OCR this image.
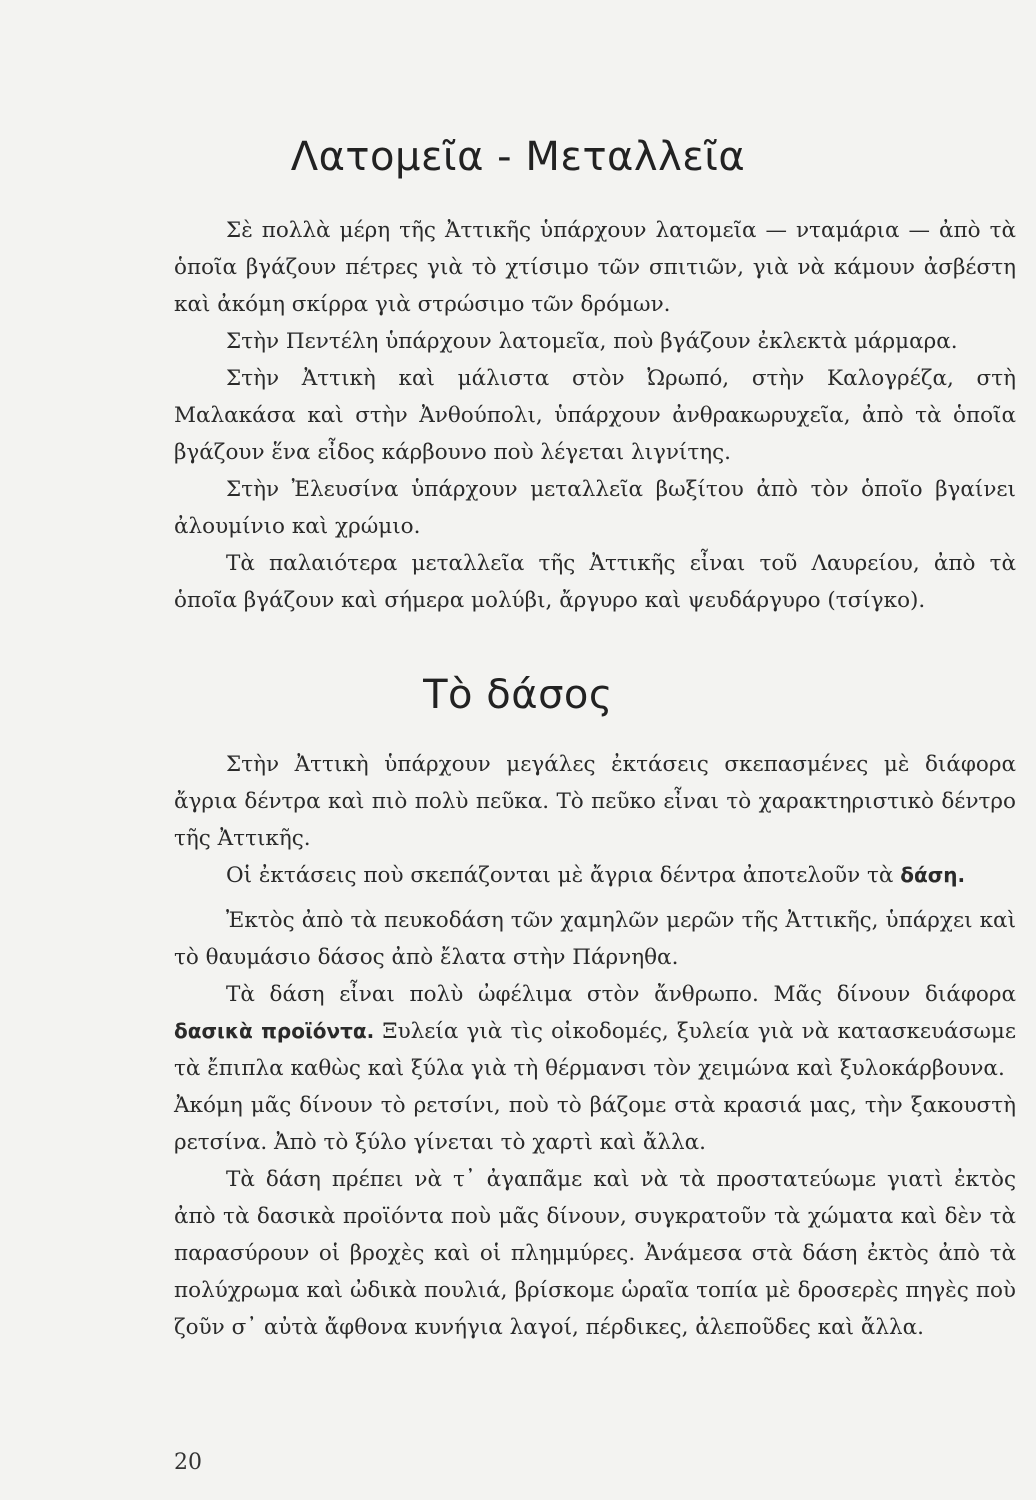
Λατομεῖα - Μεταλλεῖα

Σὲ πολλὰ μέρη τῆς Ἀττικῆς ὑπάρχουν λατομεῖα — νταμάρια — ἀπὸ τὰ ὁποῖα βγάζουν πέτρες γιὰ τὸ χτίσιμο τῶν σπιτιῶν, γιὰ νὰ κάμουν ἀσβέστη καὶ ἀκόμη σκίρρα γιὰ στρώσιμο τῶν δρόμων.

Στὴν Πεντέλη ὑπάρχουν λατομεῖα, ποὺ βγάζουν ἐκλεκτὰ μάρμαρα.

Στὴν Ἀττικὴ καὶ μάλιστα στὸν Ὠρωπό, στὴν Καλογρέζα, στὴ Μαλακάσα καὶ στὴν Ἀνθούπολι, ὑπάρχουν ἀνθρακωρυχεῖα, ἀπὸ τὰ ὁποῖα βγάζουν ἕνα εἶδος κάρβουνο ποὺ λέγεται λιγνίτης.

Στὴν Ἐλευσίνα ὑπάρχουν μεταλλεῖα βωξίτου ἀπὸ τὸν ὁποῖο βγαίνει ἀλουμίνιο καὶ χρώμιο.

Τὰ παλαιότερα μεταλλεῖα τῆς Ἀττικῆς εἶναι τοῦ Λαυρείου, ἀπὸ τὰ ὁποῖα βγάζουν καὶ σήμερα μολύβι, ἄργυρο καὶ ψευδάργυρο (τσίγκο).

Τὸ δάσος

Στὴν Ἀττικὴ ὑπάρχουν μεγάλες ἐκτάσεις σκεπασμένες μὲ διάφορα ἄγρια δέντρα καὶ πιὸ πολὺ πεῦκα. Τὸ πεῦκο εἶναι τὸ χαρακτηριστικὸ δέντρο τῆς Ἀττικῆς.

Οἱ ἐκτάσεις ποὺ σκεπάζονται μὲ ἄγρια δέντρα ἀποτελοῦν τὰ δάση.

Ἐκτὸς ἀπὸ τὰ πευκοδάση τῶν χαμηλῶν μερῶν τῆς Ἀττικῆς, ὑπάρχει καὶ τὸ θαυμάσιο δάσος ἀπὸ ἔλατα στὴν Πάρνηθα.

Τὰ δάση εἶναι πολὺ ὠφέλιμα στὸν ἄνθρωπο. Μᾶς δίνουν διάφορα δασικὰ προϊόντα. Ξυλεία γιὰ τὶς οἰκοδομές, ξυλεία γιὰ νὰ κατασκευάσωμε τὰ ἔπιπλα καθὼς καὶ ξύλα γιὰ τὴ θέρμανσι τὸν χειμώνα καὶ ξυλοκάρβουνα.

Ἀκόμη μᾶς δίνουν τὸ ρετσίνι, ποὺ τὸ βάζομε στὰ κρασιά μας, τὴν ξακουστὴ ρετσίνα. Ἀπὸ τὸ ξύλο γίνεται τὸ χαρτὶ καὶ ἄλλα.

Τὰ δάση πρέπει νὰ τ᾿ ἀγαπᾶμε καὶ νὰ τὰ προστατεύωμε γιατὶ ἐκτὸς ἀπὸ τὰ δασικὰ προϊόντα ποὺ μᾶς δίνουν, συγκρατοῦν τὰ χώματα καὶ δὲν τὰ παρασύρουν οἱ βροχὲς καὶ οἱ πλημμύρες. Ἀνάμεσα στὰ δάση ἐκτὸς ἀπὸ τὰ πολύχρωμα καὶ ὠδικὰ πουλιά, βρίσκομε ὡραῖα τοπία μὲ δροσερὲς πηγὲς ποὺ ζοῦν σ᾿ αὐτὰ ἄφθονα κυνήγια λαγοί, πέρδικες, ἀλεποῦδες καὶ ἄλλα.

20
